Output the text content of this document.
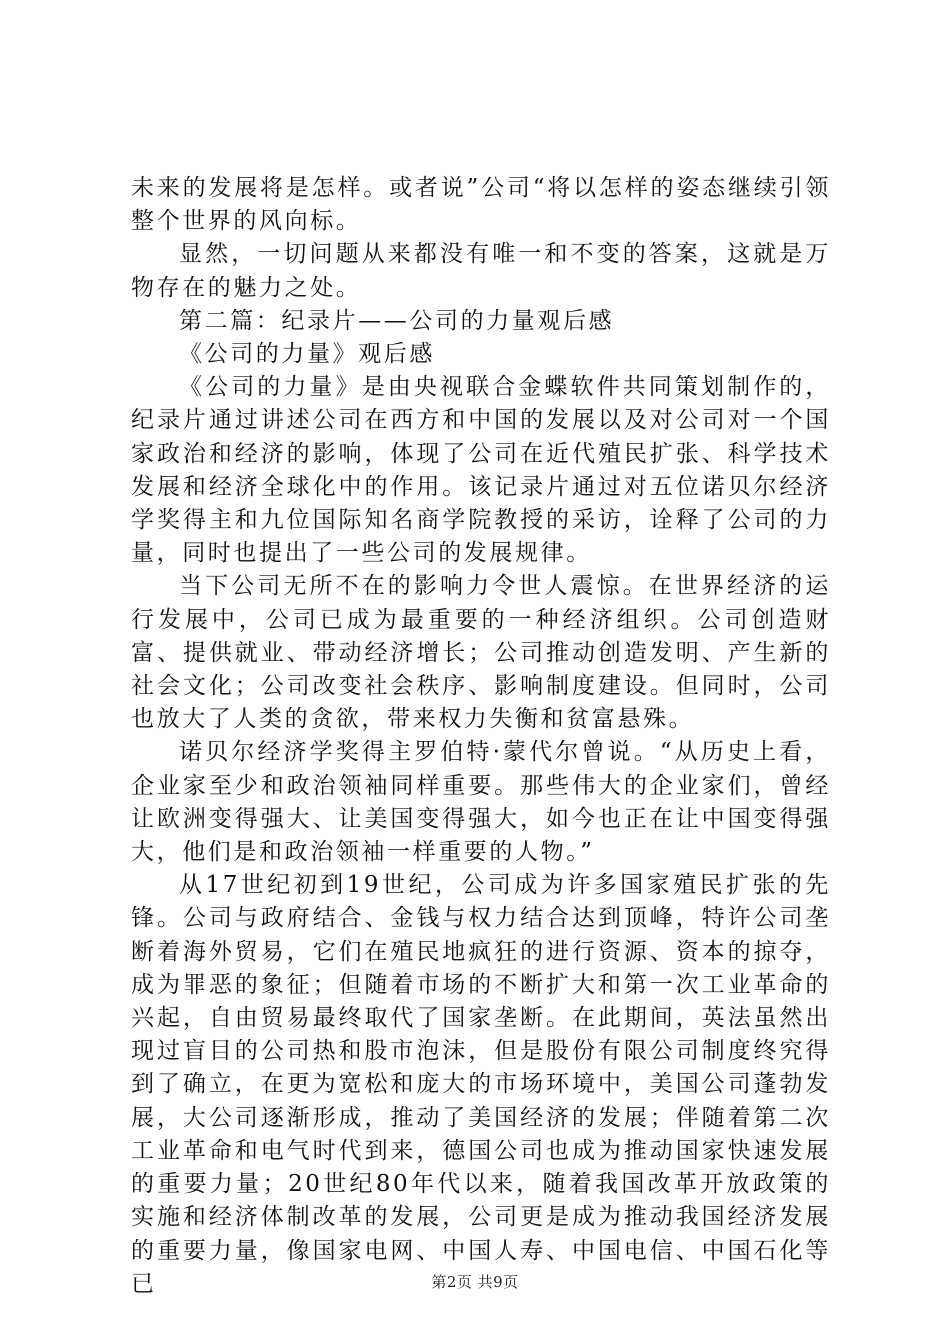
未来的发展将是怎样。或者说”公司“将以怎样的姿态继续引领整个世界的风向标。

显然，一切问题从来都没有唯一和不变的答案，这就是万物存在的魅力之处。

第二篇：纪录片——公司的力量观后感

《公司的力量》观后感

《公司的力量》是由央视联合金蝶软件共同策划制作的，纪录片通过讲述公司在西方和中国的发展以及对公司对一个国家政治和经济的影响，体现了公司在近代殖民扩张、科学技术发展和经济全球化中的作用。该记录片通过对五位诺贝尔经济学奖得主和九位国际知名商学院教授的采访，诠释了公司的力量，同时也提出了一些公司的发展规律。

当下公司无所不在的影响力令世人震惊。在世界经济的运行发展中，公司已成为最重要的一种经济组织。公司创造财富、提供就业、带动经济增长；公司推动创造发明、产生新的社会文化；公司改变社会秩序、影响制度建设。但同时，公司也放大了人类的贪欲，带来权力失衡和贫富悬殊。

诺贝尔经济学奖得主罗伯特·蒙代尔曾说。“从历史上看，企业家至少和政治领袖同样重要。那些伟大的企业家们，曾经让欧洲变得强大、让美国变得强大，如今也正在让中国变得强大，他们是和政治领袖一样重要的人物。”

从17世纪初到19世纪，公司成为许多国家殖民扩张的先锋。公司与政府结合、金钱与权力结合达到顶峰，特许公司垄断着海外贸易，它们在殖民地疯狂的进行资源、资本的掠夺，成为罪恶的象征；但随着市场的不断扩大和第一次工业革命的兴起，自由贸易最终取代了国家垄断。在此期间，英法虽然出现过盲目的公司热和股市泡沫，但是股份有限公司制度终究得到了确立，在更为宽松和庞大的市场环境中，美国公司蓬勃发展，大公司逐渐形成，推动了美国经济的发展；伴随着第二次工业革命和电气时代到来，德国公司也成为推动国家快速发展的重要力量；20世纪80年代以来，随着我国改革开放政策的实施和经济体制改革的发展，公司更是成为推动我国经济发展的重要力量，像国家电网、中国人寿、中国电信、中国石化等已	第2页 共9页
